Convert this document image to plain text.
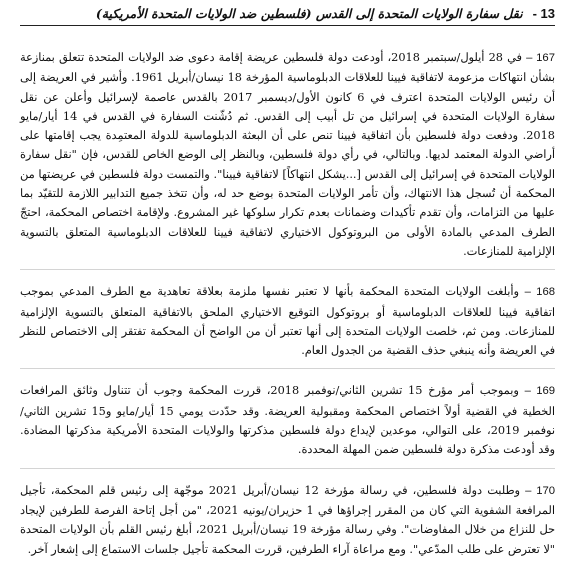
13 -
نقل سفارة الولايات المتحدة إلى القدس (فلسطين ضد الولايات المتحدة الأمريكية)

167 – في 28 أيلول/سبتمبر 2018، أودعت دولة فلسطين عريضة إقامة دعوى ضد الولايات المتحدة تتعلق بمنازعة بشأن انتهاكات مزعومة لاتفاقية فيينا للعلاقات الدبلوماسية المؤرخة 18 نيسان/أبريل 1961. وأشير في العريضة إلى أن رئيس الولايات المتحدة اعترف في 6 كانون الأول/ديسمبر 2017 بالقدس عاصمة لإسرائيل وأعلن عن نقل سفارة الولايات المتحدة في إسرائيل من تل أبيب إلى القدس. ثم دُشّنت السفارة في القدس في 14 أيار/مايو 2018. ودفعت دولة فلسطين بأن اتفاقية فيينا تنص على أن البعثة الدبلوماسية للدولة المعتمِدة يجب إقامتها على أراضي الدولة المعتمد لديها. وبالتالي، في رأي دولة فلسطين، وبالنظر إلى الوضع الخاص للقدس، فإن "نقل سفارة الولايات المتحدة في إسرائيل إلى القدس [...يشكل انتهاكاً] لاتفاقية فيينا". والتمست دولة فلسطين في عريضتها من المحكمة أن تُسجل هذا الانتهاك، وأن تأمر الولايات المتحدة بوضع حد له، وأن تتخذ جميع التدابير اللازمة للتقيّد بما عليها من التزامات، وأن تقدم تأكيدات وضمانات بعدم تكرار سلوكها غير المشروع. ولإقامة اختصاص المحكمة، احتجّ الطرف المدعي بالمادة الأولى من البروتوكول الاختياري لاتفاقية فيينا للعلاقات الدبلوماسية المتعلق بالتسوية الإلزامية للمنازعات.

168 – وأبلغت الولايات المتحدة المحكمة بأنها لا تعتبر نفسها ملزمة بعلاقة تعاهدية مع الطرف المدعي بموجب اتفاقية فيينا للعلاقات الدبلوماسية أو بروتوكول التوقيع الاختياري الملحق بالاتفاقية المتعلق بالتسوية الإلزامية للمنازعات. ومن ثم، خلصت الولايات المتحدة إلى أنها تعتبر أن من الواضح أن المحكمة تفتقر إلى الاختصاص للنظر في العريضة وأنه ينبغي حذف القضية من الجدول العام.

169 – وبموجب أمر مؤرخ 15 تشرين الثاني/نوفمبر 2018، قررت المحكمة وجوب أن تتناول وثائق المرافعات الخطية في القضية أولاً اختصاص المحكمة ومقبولية العريضة. وقد حدّدت يومي 15 أيار/مايو و15 تشرين الثاني/نوفمبر 2019، على التوالي، موعدين لإيداع دولة فلسطين مذكرتها والولايات المتحدة الأمريكية مذكرتها المضادة. وقد أودعت مذكرة دولة فلسطين ضمن المهلة المحددة.

170 – وطلبت دولة فلسطين، في رسالة مؤرخة 12 نيسان/أبريل 2021 موجّهة إلى رئيس قلم المحكمة، تأجيل المرافعة الشفوية التي كان من المقرر إجراؤها في 1 حزيران/يونيه 2021، "من أجل إتاحة الفرصة للطرفين لإيجاد حل للنزاع من خلال المفاوضات". وفي رسالة مؤرخة 19 نيسان/أبريل 2021، أبلغ رئيس القلم بأن الولايات المتحدة "لا تعترض على طلب المدّعي". ومع مراعاة آراء الطرفين، قررت المحكمة تأجيل جلسات الاستماع إلى إشعار آخر.
